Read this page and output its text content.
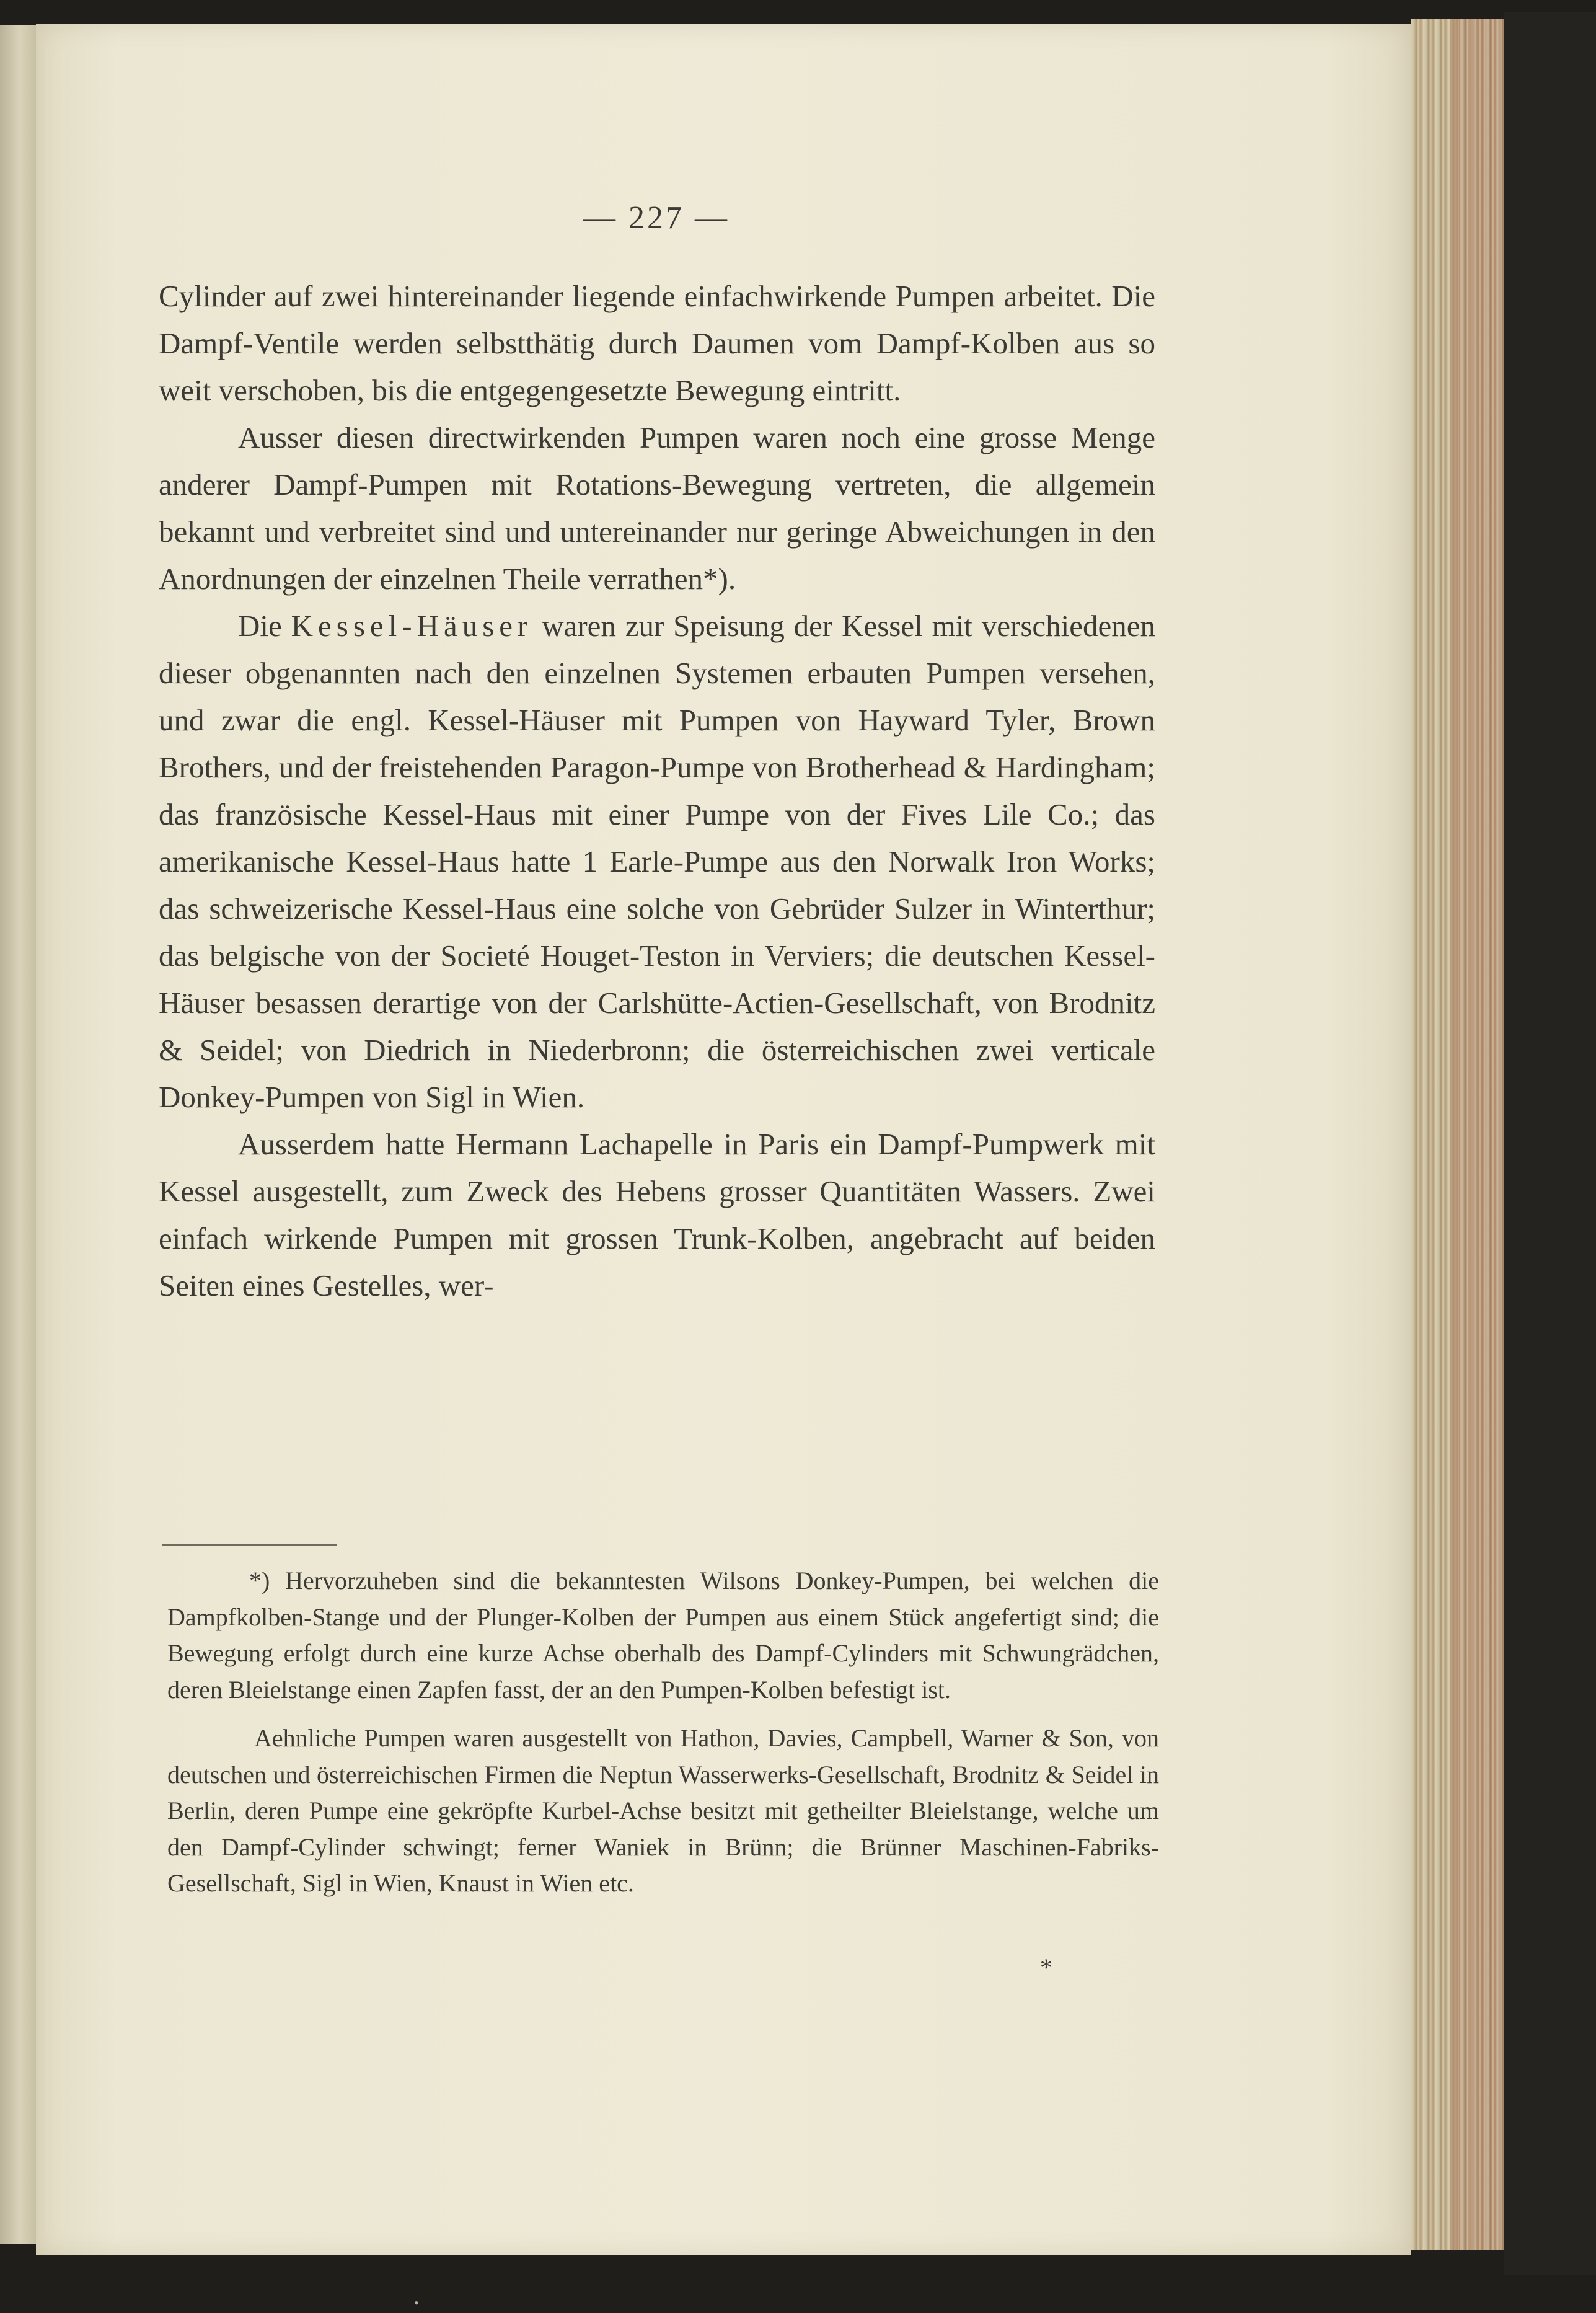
— 227 —

Cylinder auf zwei hintereinander liegende einfachwirkende Pumpen arbeitet. Die Dampf-Ventile werden selbstthätig durch Daumen vom Dampf-Kolben aus so weit verschoben, bis die entgegengesetzte Bewegung eintritt.

Ausser diesen directwirkenden Pumpen waren noch eine grosse Menge anderer Dampf-Pumpen mit Rotations-Bewegung vertreten, die allgemein bekannt und verbreitet sind und untereinander nur geringe Abweichungen in den Anordnungen der einzelnen Theile verrathen*).

Die Kessel-Häuser waren zur Speisung der Kessel mit verschiedenen dieser obgenannten nach den einzelnen Systemen erbauten Pumpen versehen, und zwar die engl. Kessel-Häuser mit Pumpen von Hayward Tyler, Brown Brothers, und der freistehenden Paragon-Pumpe von Brotherhead & Hardingham; das französische Kessel-Haus mit einer Pumpe von der Fives Lile Co.; das amerikanische Kessel-Haus hatte 1 Earle-Pumpe aus den Norwalk Iron Works; das schweizerische Kessel-Haus eine solche von Gebrüder Sulzer in Winterthur; das belgische von der Societé Houget-Teston in Verviers; die deutschen Kessel-Häuser besassen derartige von der Carlshütte-Actien-Gesellschaft, von Brodnitz & Seidel; von Diedrich in Niederbronn; die österreichischen zwei verticale Donkey-Pumpen von Sigl in Wien.

Ausserdem hatte Hermann Lachapelle in Paris ein Dampf-Pumpwerk mit Kessel ausgestellt, zum Zweck des Hebens grosser Quantitäten Wassers. Zwei einfach wirkende Pumpen mit grossen Trunk-Kolben, angebracht auf beiden Seiten eines Gestelles, wer-

*) Hervorzuheben sind die bekanntesten Wilsons Donkey-Pumpen, bei welchen die Dampfkolben-Stange und der Plunger-Kolben der Pumpen aus einem Stück angefertigt sind; die Bewegung erfolgt durch eine kurze Achse oberhalb des Dampf-Cylinders mit Schwungrädchen, deren Bleielstange einen Zapfen fasst, der an den Pumpen-Kolben befestigt ist.

Aehnliche Pumpen waren ausgestellt von Hathon, Davies, Campbell, Warner & Son, von deutschen und österreichischen Firmen die Neptun Wasserwerks-Gesellschaft, Brodnitz & Seidel in Berlin, deren Pumpe eine gekröpfte Kurbel-Achse besitzt mit getheilter Bleielstange, welche um den Dampf-Cylinder schwingt; ferner Waniek in Brünn; die Brünner Maschinen-Fabriks-Gesellschaft, Sigl in Wien, Knaust in Wien etc.

*
•
